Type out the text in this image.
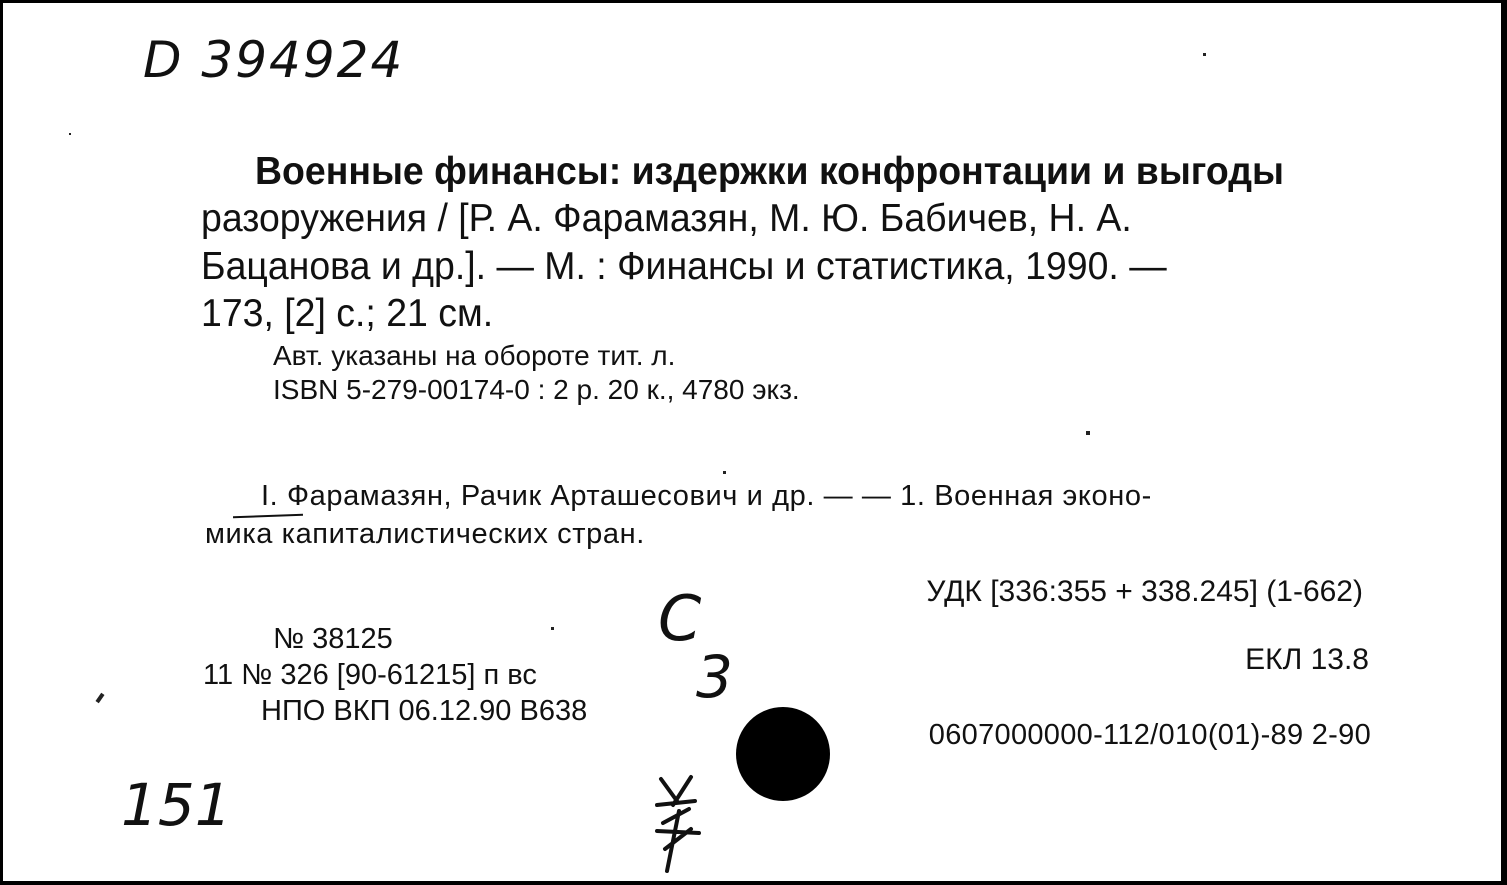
D 394924
Военные финансы: издержки конфронтации и выгоды
разоружения / [Р. А. Фарамазян, М. Ю. Бабичев, Н. А.
Бацанова и др.]. — М. : Финансы и статистика, 1990. —
173, [2] с.; 21 см.
Авт. указаны на обороте тит. л.
ISBN 5-279-00174-0 : 2 р. 20 к., 4780 экз.
I. Фарамазян, Рачик Арташесович и др. — — 1. Военная эконо-
мика капиталистических стран.
УДК [336:355 + 338.245] (1-662)
№ 38125
11 № 326 [90-61215] п вс
НПО ВКП 06.12.90 В638
С
3	ЕКЛ 13.8
0607000000-112/010(01)-89 2-90
151
